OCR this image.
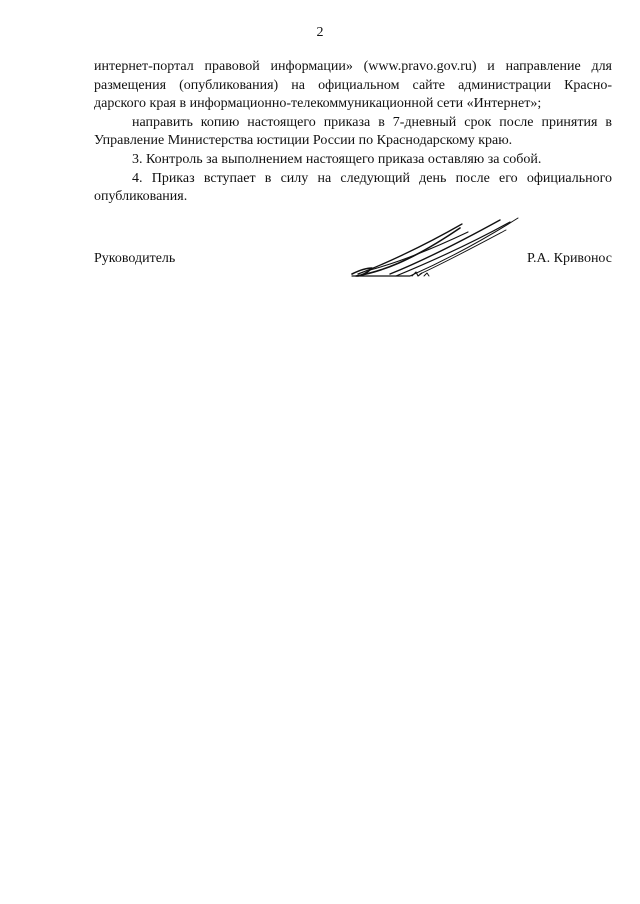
2

интернет-портал правовой информации» (www.pravo.gov.ru) и направление для
размещения (опубликования) на официальном сайте администрации Красно-
дарского края в информационно-телекоммуникационной сети «Интернет»;

направить копию настоящего приказа в 7-дневный срок после принятия в
Управление Министерства юстиции России по Краснодарскому краю.

3. Контроль за выполнением настоящего приказа оставляю за собой.

4. Приказ вступает в силу на следующий день после его официального
опубликования.

Руководитель	Р.А. Кривонос
